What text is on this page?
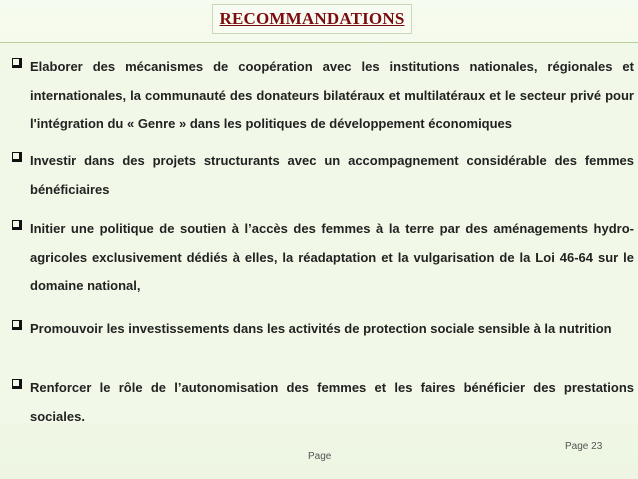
RECOMMANDATIONS
Elaborer des mécanismes de coopération avec les institutions nationales, régionales et internationales, la communauté des donateurs bilatéraux et multilatéraux et le secteur privé pour l'intégration du « Genre » dans les politiques de développement économiques
Investir dans des projets structurants avec un accompagnement considérable des femmes bénéficiaires
Initier une politique de soutien à l’accès des femmes à la terre par des aménagements hydro-agricoles exclusivement dédiés à elles, la réadaptation et la vulgarisation de la Loi 46-64 sur le domaine national,
Promouvoir les investissements dans les activités de protection sociale sensible à la nutrition
Renforcer le rôle de l’autonomisation des femmes et les faires bénéficier des prestations sociales.
Page 23
Page
